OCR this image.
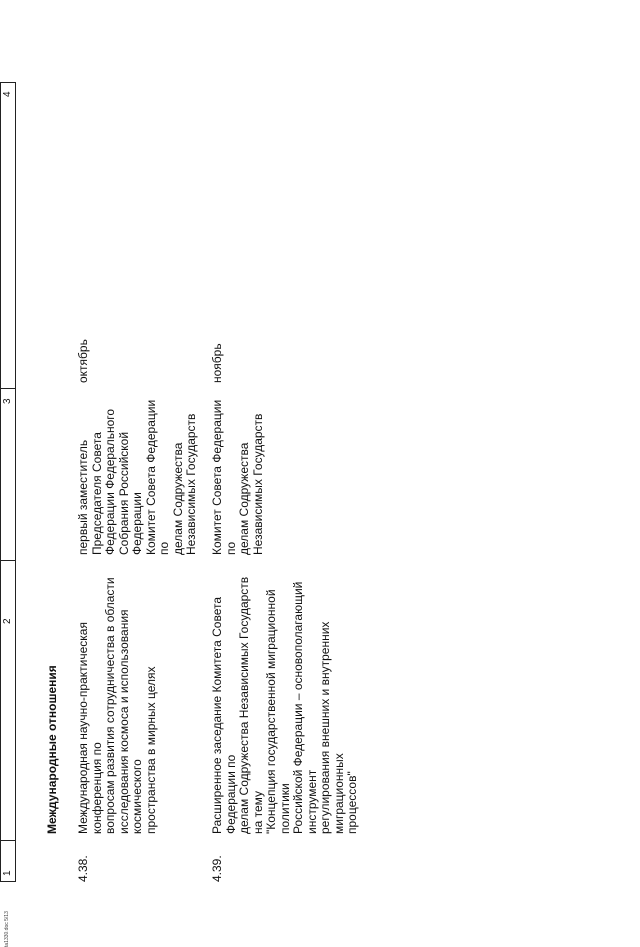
ta1330.doc 5/13
1
2
3
4
Международные отношения
4.38.
Международная научно-практическая конференция по
вопросам развития сотрудничества в области
исследования космоса и использования космического
пространства в мирных целях
первый заместитель
Председателя Совета
Федерации Федерального
Собрания Российской
Федерации
Комитет Совета Федерации по
делам Содружества
Независимых Государств
октябрь
4.39.
Расширенное заседание Комитета Совета Федерации по
делам Содружества Независимых Государств на тему
"Концепция государственной миграционной политики
Российской Федерации – основополагающий инструмент
регулирования внешних и внутренних миграционных
процессов"
Комитет Совета Федерации по
делам Содружества
Независимых Государств
ноябрь
